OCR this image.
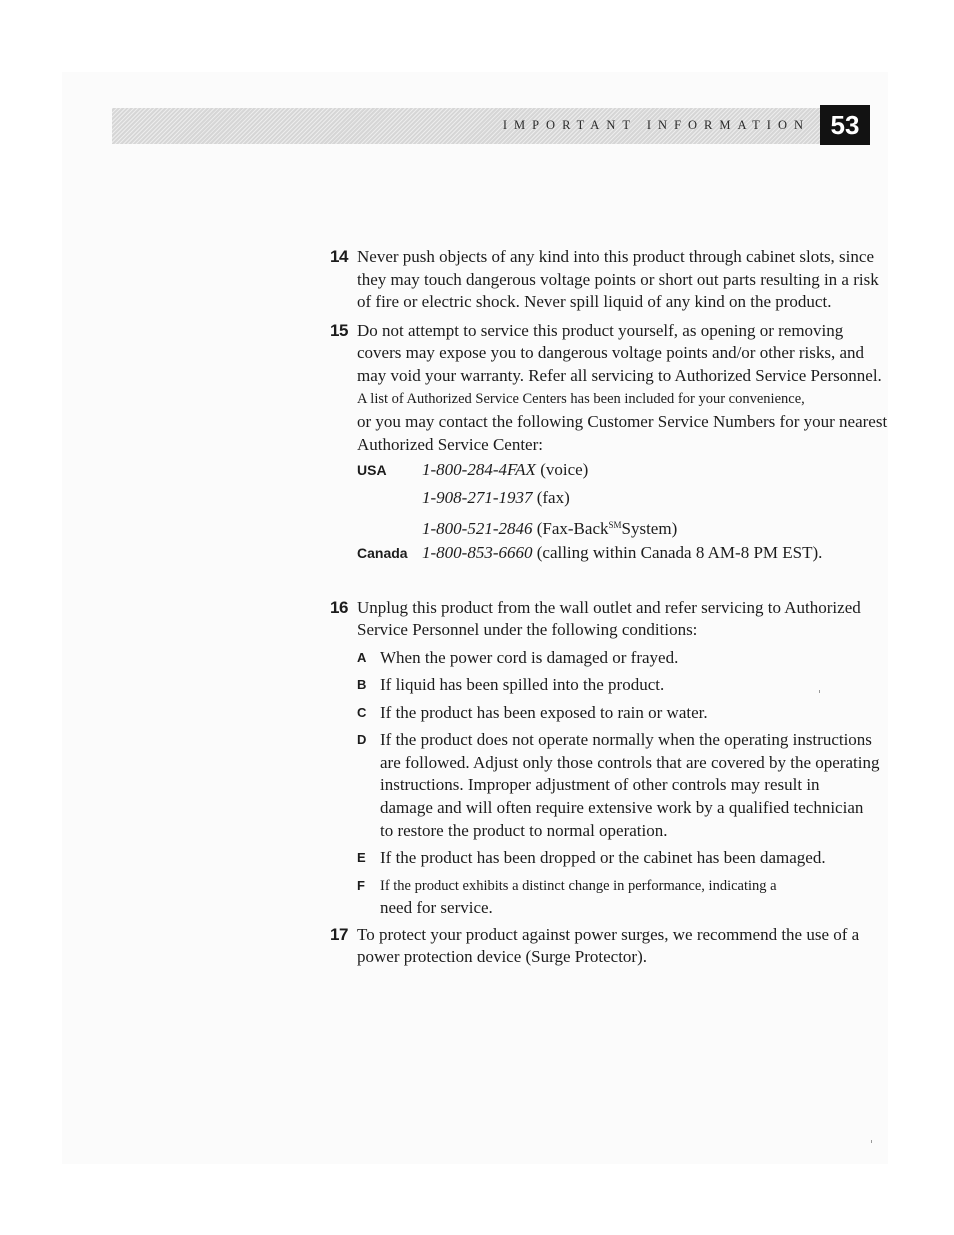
IMPORTANT INFORMATION 53
14 Never push objects of any kind into this product through cabinet slots, since
they may touch dangerous voltage points or short out parts resulting in a risk
of fire or electric shock. Never spill liquid of any kind on the product.
15 Do not attempt to service this product yourself, as opening or removing
covers may expose you to dangerous voltage points and/or other risks, and
may void your warranty. Refer all servicing to Authorized Service Personnel.
A list of Authorized Service Centers has been included for your convenience,
or you may contact the following Customer Service Numbers for your nearest
Authorized Service Center:
USA 1-800-284-4FAX (voice)
1-908-271-1937 (fax)
1-800-521-2846 (Fax-Back℠System)
Canada 1-800-853-6660 (calling within Canada 8 AM-8 PM EST).
16 Unplug this product from the wall outlet and refer servicing to Authorized
Service Personnel under the following conditions:
A When the power cord is damaged or frayed.
B If liquid has been spilled into the product.
C If the product has been exposed to rain or water.
D If the product does not operate normally when the operating instructions
are followed. Adjust only those controls that are covered by the operating
instructions. Improper adjustment of other controls may result in
damage and will often require extensive work by a qualified technician
to restore the product to normal operation.
E If the product has been dropped or the cabinet has been damaged.
F If the product exhibits a distinct change in performance, indicating a
need for service.
17 To protect your product against power surges, we recommend the use of a
power protection device (Surge Protector).
